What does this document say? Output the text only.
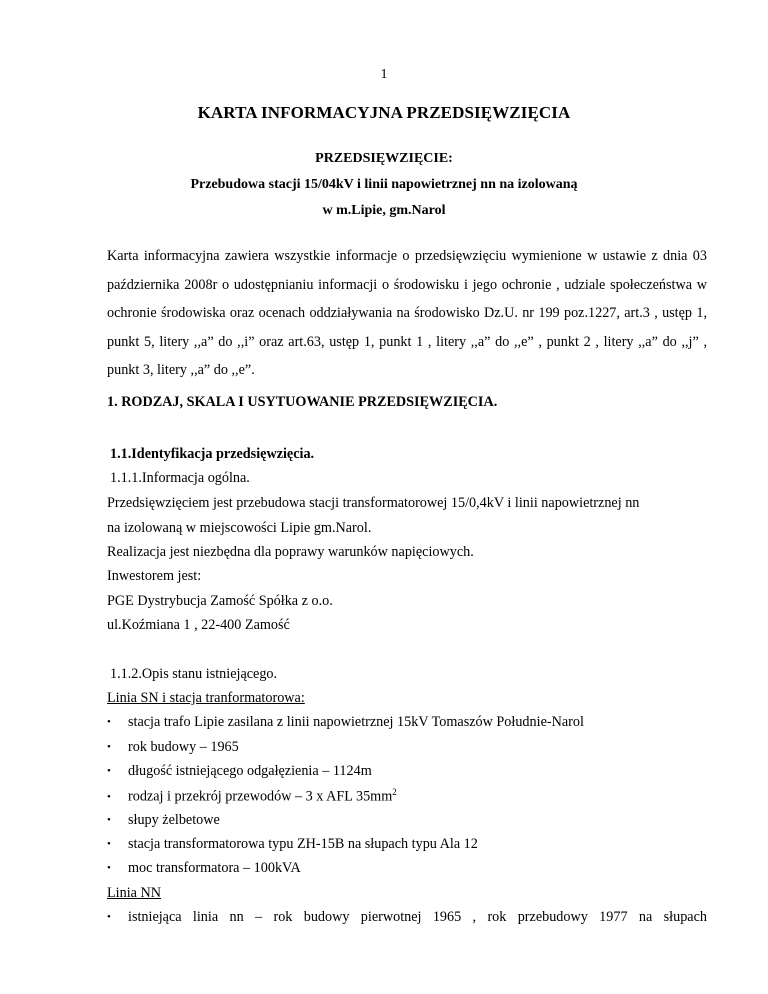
1
KARTA INFORMACYJNA PRZEDSIĘWZIĘCIA
PRZEDSIĘWZIĘCIE:
Przebudowa stacji 15/04kV i linii napowietrznej nn na izolowaną
w m.Lipie, gm.Narol

Karta informacyjna zawiera wszystkie informacje o przedsięwzięciu wymienione w ustawie z dnia 03 października 2008r o udostępnianiu informacji o środowisku i jego ochronie , udziale społeczeństwa w ochronie środowiska oraz ocenach oddziaływania na środowisko Dz.U. nr 199 poz.1227, art.3 , ustęp 1, punkt 5, litery ,,a” do ,,i” oraz art.63, ustęp 1, punkt 1 , litery ,,a” do ,,e” , punkt 2 , litery ,,a” do ,,j” , punkt 3, litery ,,a” do ,,e”.

1. RODZAJ, SKALA I USYTUOWANIE PRZEDSIĘWZIĘCIA.
1.1.Identyfikacja przedsięwzięcia.
1.1.1.Informacja ogólna.
Przedsięwzięciem jest przebudowa stacji transformatorowej 15/0,4kV i linii napowietrznej nn
na izolowaną w miejscowości Lipie gm.Narol.
Realizacja jest niezbędna dla poprawy warunków napięciowych.
Inwestorem jest:
PGE Dystrybucja Zamość Spółka z o.o.
ul.Koźmiana 1 , 22-400 Zamość
1.1.2.Opis stanu istniejącego.
Linia SN i stacja tranformatorowa:
• stacja trafo Lipie zasilana z linii napowietrznej 15kV Tomaszów Południe-Narol
• rok budowy – 1965
• długość istniejącego odgałęzienia – 1124m
• rodzaj i przekrój przewodów – 3 x AFL $35mm^2$
• słupy żelbetowe
• stacja transformatorowa typu ZH-15B na słupach typu Ala 12
• moc transformatora – 100kVA
Linia NN
• istniejąca linia nn – rok budowy pierwotnej 1965 , rok przebudowy 1977 na słupach
